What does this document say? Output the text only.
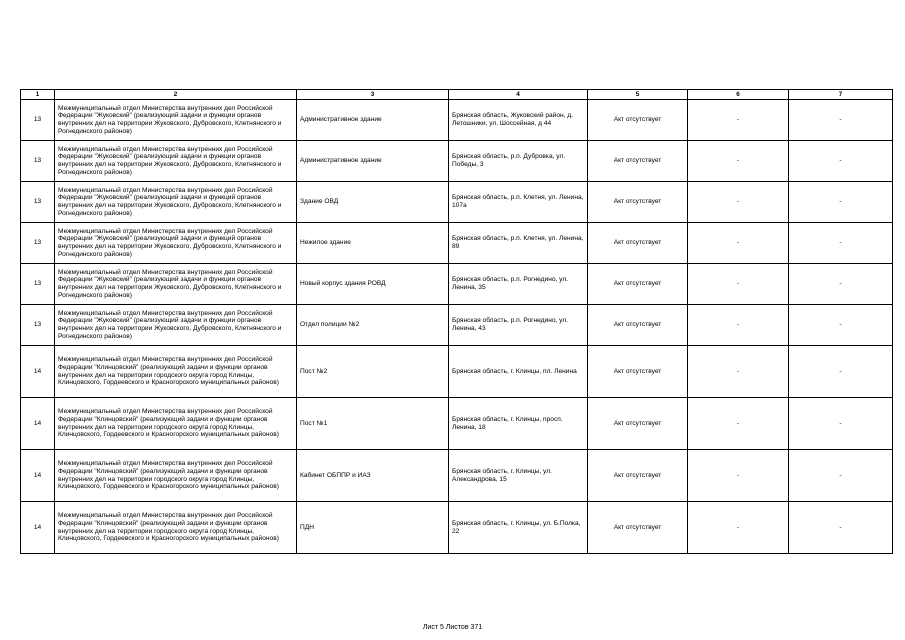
1	2	3	4	5	6	7
13	Межмуниципальный отдел Министерства внутренних дел Российской Федерации "Жуковский" (реализующий задачи и функции органов внутренних дел на территории Жуковского, Дубровского, Клетнянского и Рогнединского районов)	Административное здание	Брянская область, Жуковский район, д. Летошники, ул. Шоссейная, д 44	Акт отсутствует	-	-
13	Межмуниципальный отдел Министерства внутренних дел Российской Федерации "Жуковский" (реализующий задачи и функции органов внутренних дел на территории Жуковского, Дубровского, Клетнянского и Рогнединского районов)	Административное здание	Брянская область, р.п. Дубровка, ул. Победы, 3	Акт отсутствует	-	-
13	Межмуниципальный отдел Министерства внутренних дел Российской Федерации "Жуковский" (реализующий задачи и функций органов внутренних дел на территории Жуковского, Дубровского, Клетнянского и Рогнединского районов)	Здание ОВД	Брянская область, р.п. Клетня, ул. Ленина, 107а	Акт отсутствует	-	-
13	Межмуниципальный отдел Министерства внутренних дел Российской Федерации "Жуковский" (реализующий задачи и функций органов внутренних дел на территории Жуковского, Дубровского, Клетнянского и Рогнединского районов)	Нежилое здание	Брянская область, р.п. Клетня, ул. Ленина, 89	Акт отсутствует	-	-
13	Межмуниципальный отдел Министерства внутренних дел Российской Федерации "Жуковский" (реализующий задачи и функции органов внутренних дел на территории Жуковского, Дубровского, Клетнянского и Рогнединского районов)	Новый корпус здания РОВД	Брянская область, р.п. Рогнедино, ул. Ленина, 35	Акт отсутствует	-	-
13	Межмуниципальный отдел Министерства внутренних дел Российской Федерации "Жуковский" (реализующий задачи и функции органов внутренних дел на территории Жуковского, Дубровского, Клетнянского и Рогнединского районов)	Отдел полиции №2	Брянская область, р.п. Рогнедино, ул. Ленина, 43	Акт отсутствует	-	-
14	Межмуниципальный отдел Министерства внутренних дел Российской Федерации "Клинцовский" (реализующий задачи и функции органов внутренних дел на территории городского округа город Клинцы, Клинцовского, Гордеевского и Красногорского муниципальных районов)	Пост №2	Брянская область, г. Клинцы, пл. Ленина	Акт отсутствует	-	-
14	Межмуниципальный отдел Министерства внутренних дел Российской Федерации "Клинцовский" (реализующий задачи и функции органов внутренних дел на территории городского округа город Клинцы, Клинцовского, Гордеевского и Красногорского муниципальных районов)	Пост №1	Брянская область, г. Клинцы, просп. Ленина, 18	Акт отсутствует	-	-
14	Межмуниципальный отдел Министерства внутренних дел Российской Федерации "Клинцовский" (реализующий задачи и функции органов внутренних дел на территории городского округа город Клинцы, Клинцовского, Гордеевского и Красногорского муниципальных районов)	Кабинет ОБППР и ИАЗ	Брянская область, г. Клинцы, ул. Александрова, 15	Акт отсутствует	-	-
14	Межмуниципальный отдел Министерства внутренних дел Российской Федерации "Клинцовский" (реализующий задачи и функции органов внутренних дел на территории городского округа город Клинцы, Клинцовского, Гордеевского и Красногорского муниципальных районов)	ПДН	Брянская область, г. Клинцы, ул. Б.Полка, 22	Акт отсутствует	-	-
Лист 5 Листов 371
